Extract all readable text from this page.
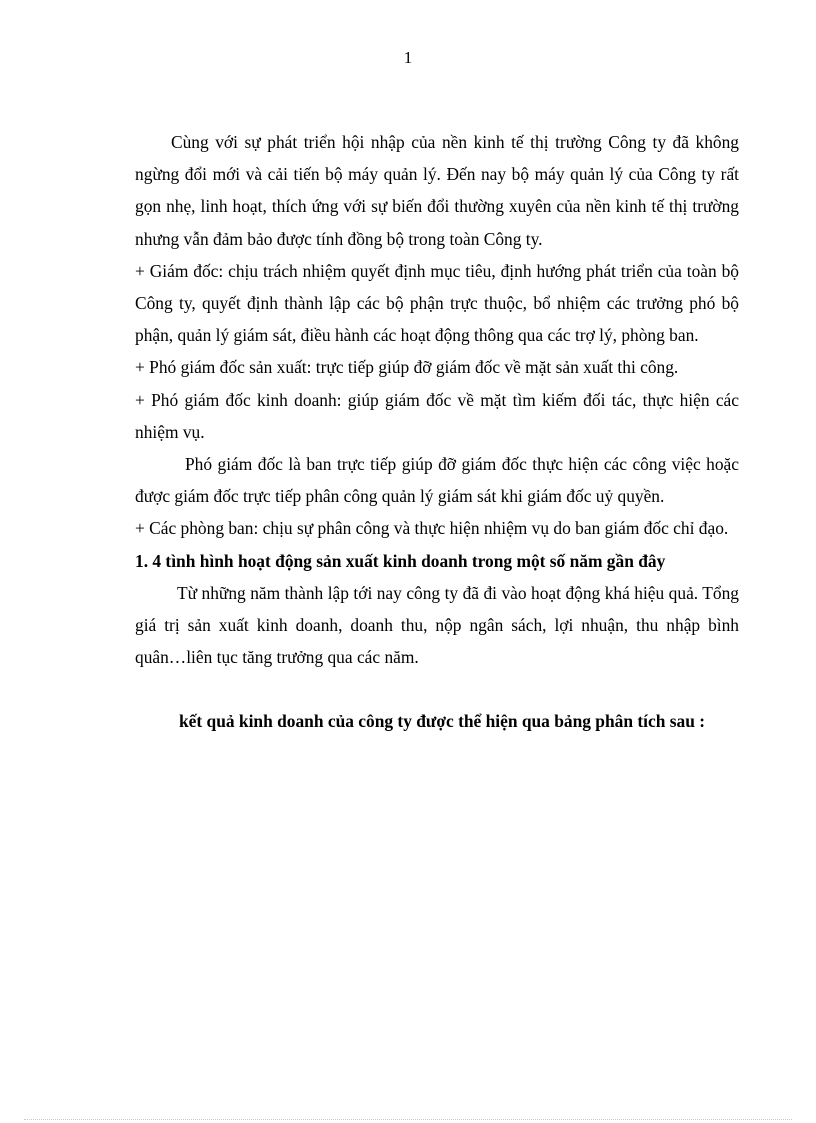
1

Cùng với sự phát triển hội nhập của nền kinh tế thị trường Công ty đã không ngừng đổi mới và cải tiến bộ máy quản lý. Đến nay bộ máy quản lý của Công ty rất gọn nhẹ, linh hoạt, thích ứng với sự biến đổi thường xuyên của nền kinh tế thị trường nhưng vẫn đảm bảo được tính đồng bộ trong toàn Công ty.

+ Giám đốc: chịu trách nhiệm quyết định mục tiêu, định hướng phát triển của toàn bộ Công ty, quyết định thành lập các bộ phận trực thuộc, bổ nhiệm các trưởng phó bộ phận, quản lý giám sát, điều hành các hoạt động thông qua các trợ lý, phòng ban.

+ Phó giám đốc sản xuất: trực tiếp giúp đỡ giám đốc về mặt sản xuất thi công.

+ Phó giám đốc kinh doanh: giúp giám đốc về mặt tìm kiếm đối tác, thực hiện các nhiệm vụ.

Phó giám đốc là ban trực tiếp giúp đỡ giám đốc thực hiện các công việc hoặc được giám đốc trực tiếp phân công quản lý giám sát khi giám đốc uỷ quyền.

+ Các phòng ban: chịu sự phân công và thực hiện nhiệm vụ do ban giám đốc chỉ đạo.

1. 4 tình hình hoạt động sản xuất kinh doanh trong một số năm gần đây

Từ những năm thành lập tới nay công ty đã đi vào hoạt động khá hiệu quả. Tổng giá trị sản xuất kinh doanh, doanh thu, nộp ngân sách, lợi nhuận, thu nhập bình quân…liên tục tăng trưởng qua các năm.

kết quả kinh doanh của công ty được thể hiện qua bảng phân tích sau :
